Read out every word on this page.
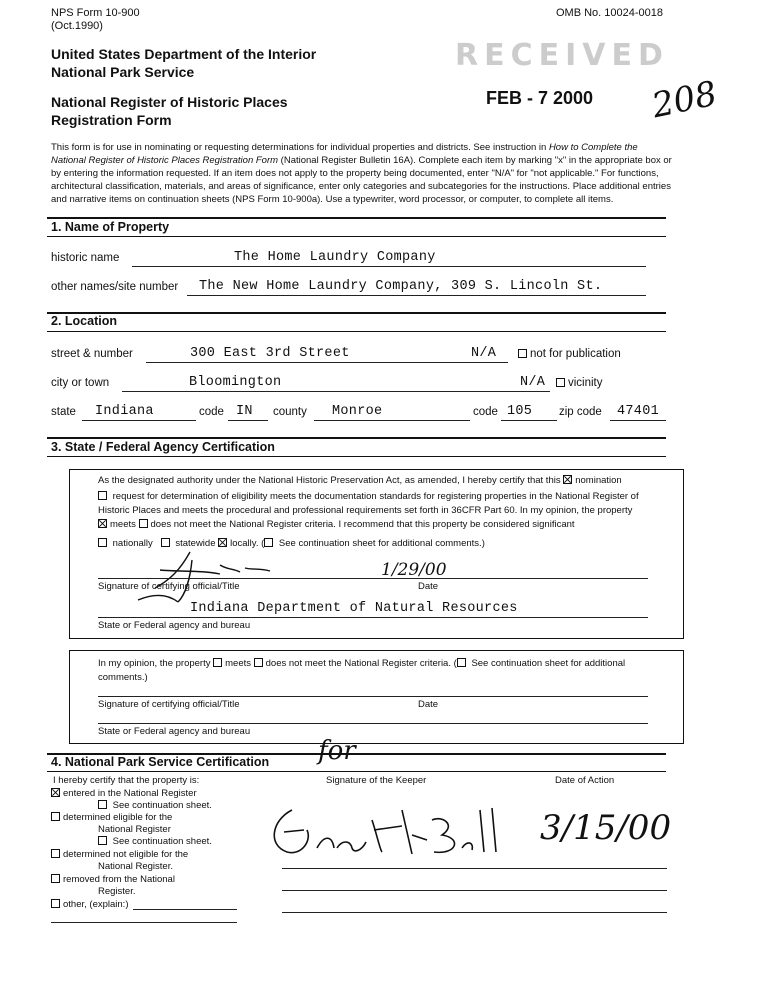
NPS Form 10-900
(Oct.1990)
OMB No. 10024-0018
United States Department of the Interior
National Park Service
National Register of Historic Places
Registration Form
RECEIVED
FEB - 7 2000 208
This form is for use in nominating or requesting determinations for individual properties and districts. See instruction in How to Complete the National Register of Historic Places Registration Form (National Register Bulletin 16A). Complete each item by marking "x" in the appropriate box or by entering the information requested. If an item does not apply to the property being documented, enter "N/A" for "not applicable." For functions, architectural classification, materials, and areas of significance, enter only categories and subcategories for the instructions. Place additional entries and narrative items on continuation sheets (NPS Form 10-900a). Use a typewriter, word processor, or computer, to complete all items.
1. Name of Property
historic name	The Home Laundry Company
other names/site number The New Home Laundry Company, 309 S. Lincoln St.
2. Location
street & number	300 East 3rd Street	N/A	not for publication
city or town	Bloomington	N/A	vicinity
state Indiana	code IN county Monroe	code 105 zip code 47401
3. State / Federal Agency Certification
As the designated authority under the National Historic Preservation Act, as amended, I hereby certify that this nomination
request for determination of eligibility meets the documentation standards for registering properties in the National Register of
Historic Places and meets the procedural and professional requirements set forth in 36CFR Part 60. In my opinion, the property
meets does not meet the National Register criteria. I recommend that this property be considered significant
nationally statewide locally. ( See continuation sheet for additional comments.)
1/29/00
Signature of certifying official/Title	Date
Indiana Department of Natural Resources
State or Federal agency and bureau
In my opinion, the property meets does not meet the National Register criteria. ( See continuation sheet for additional comments.)
Signature of certifying official/Title	Date
State or Federal agency and bureau
4. National Park Service Certification
I hereby certify that the property is:	Signature of the Keeper	Date of Action
for
entered in the National Register
See continuation sheet.
determined eligible for the
National Register
See continuation sheet.
determined not eligible for the
National Register.
removed from the National
Register.
other, (explain:)
3/15/00
